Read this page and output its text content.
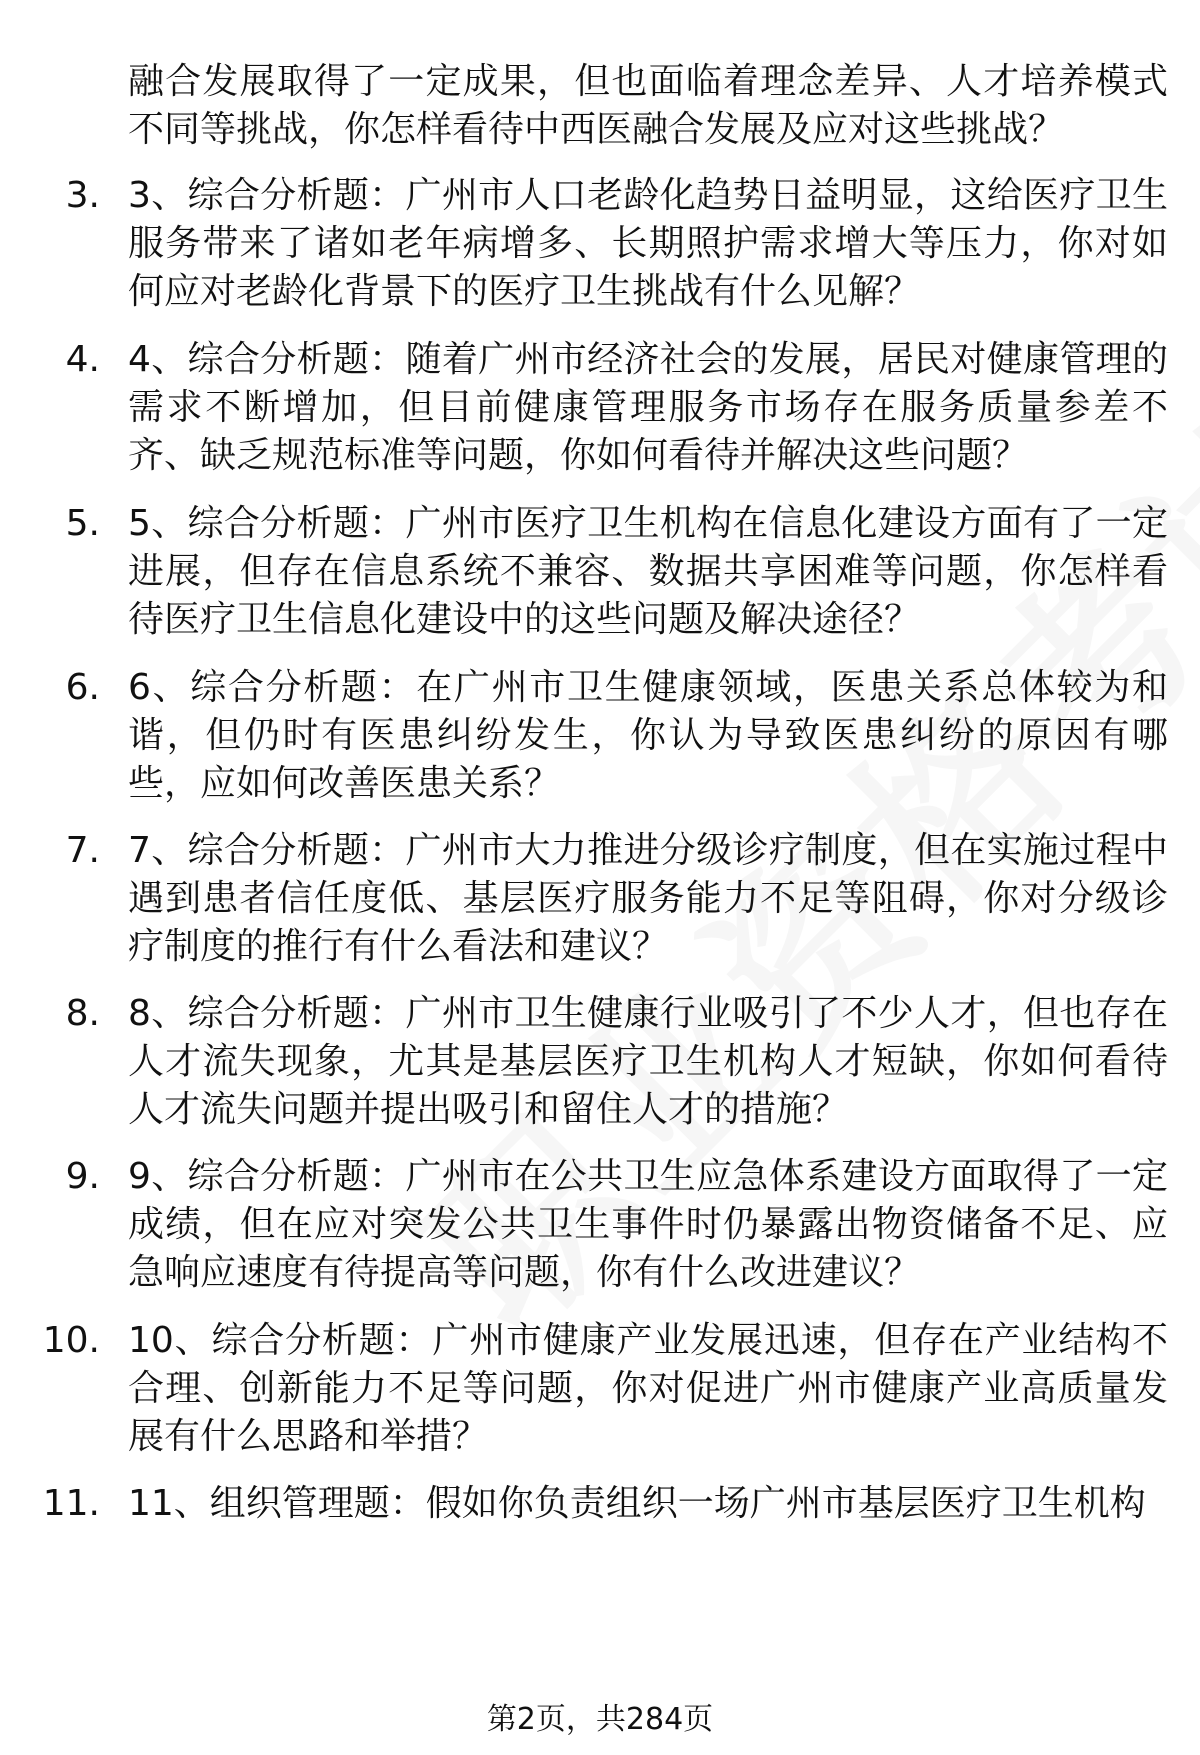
融合发展取得了一定成果，但也面临着理念差异、人才培养模式不同等挑战，你怎样看待中西医融合发展及应对这些挑战？
3. 3、综合分析题：广州市人口老龄化趋势日益明显，这给医疗卫生服务带来了诸如老年病增多、长期照护需求增大等压力，你对如何应对老龄化背景下的医疗卫生挑战有什么见解？
4. 4、综合分析题：随着广州市经济社会的发展，居民对健康管理的需求不断增加，但目前健康管理服务市场存在服务质量参差不齐、缺乏规范标准等问题，你如何看待并解决这些问题？
5. 5、综合分析题：广州市医疗卫生机构在信息化建设方面有了一定进展，但存在信息系统不兼容、数据共享困难等问题，你怎样看待医疗卫生信息化建设中的这些问题及解决途径？
6. 6、综合分析题：在广州市卫生健康领域，医患关系总体较为和谐，但仍时有医患纠纷发生，你认为导致医患纠纷的原因有哪些，应如何改善医患关系？
7. 7、综合分析题：广州市大力推进分级诊疗制度，但在实施过程中遇到患者信任度低、基层医疗服务能力不足等阻碍，你对分级诊疗制度的推行有什么看法和建议？
8. 8、综合分析题：广州市卫生健康行业吸引了不少人才，但也存在人才流失现象，尤其是基层医疗卫生机构人才短缺，你如何看待人才流失问题并提出吸引和留住人才的措施？
9. 9、综合分析题：广州市在公共卫生应急体系建设方面取得了一定成绩，但在应对突发公共卫生事件时仍暴露出物资储备不足、应急响应速度有待提高等问题，你有什么改进建议？
10. 10、综合分析题：广州市健康产业发展迅速，但存在产业结构不合理、创新能力不足等问题，你对促进广州市健康产业高质量发展有什么思路和举措？
11. 11、组织管理题：假如你负责组织一场广州市基层医疗卫生机构
第2页，共284页
